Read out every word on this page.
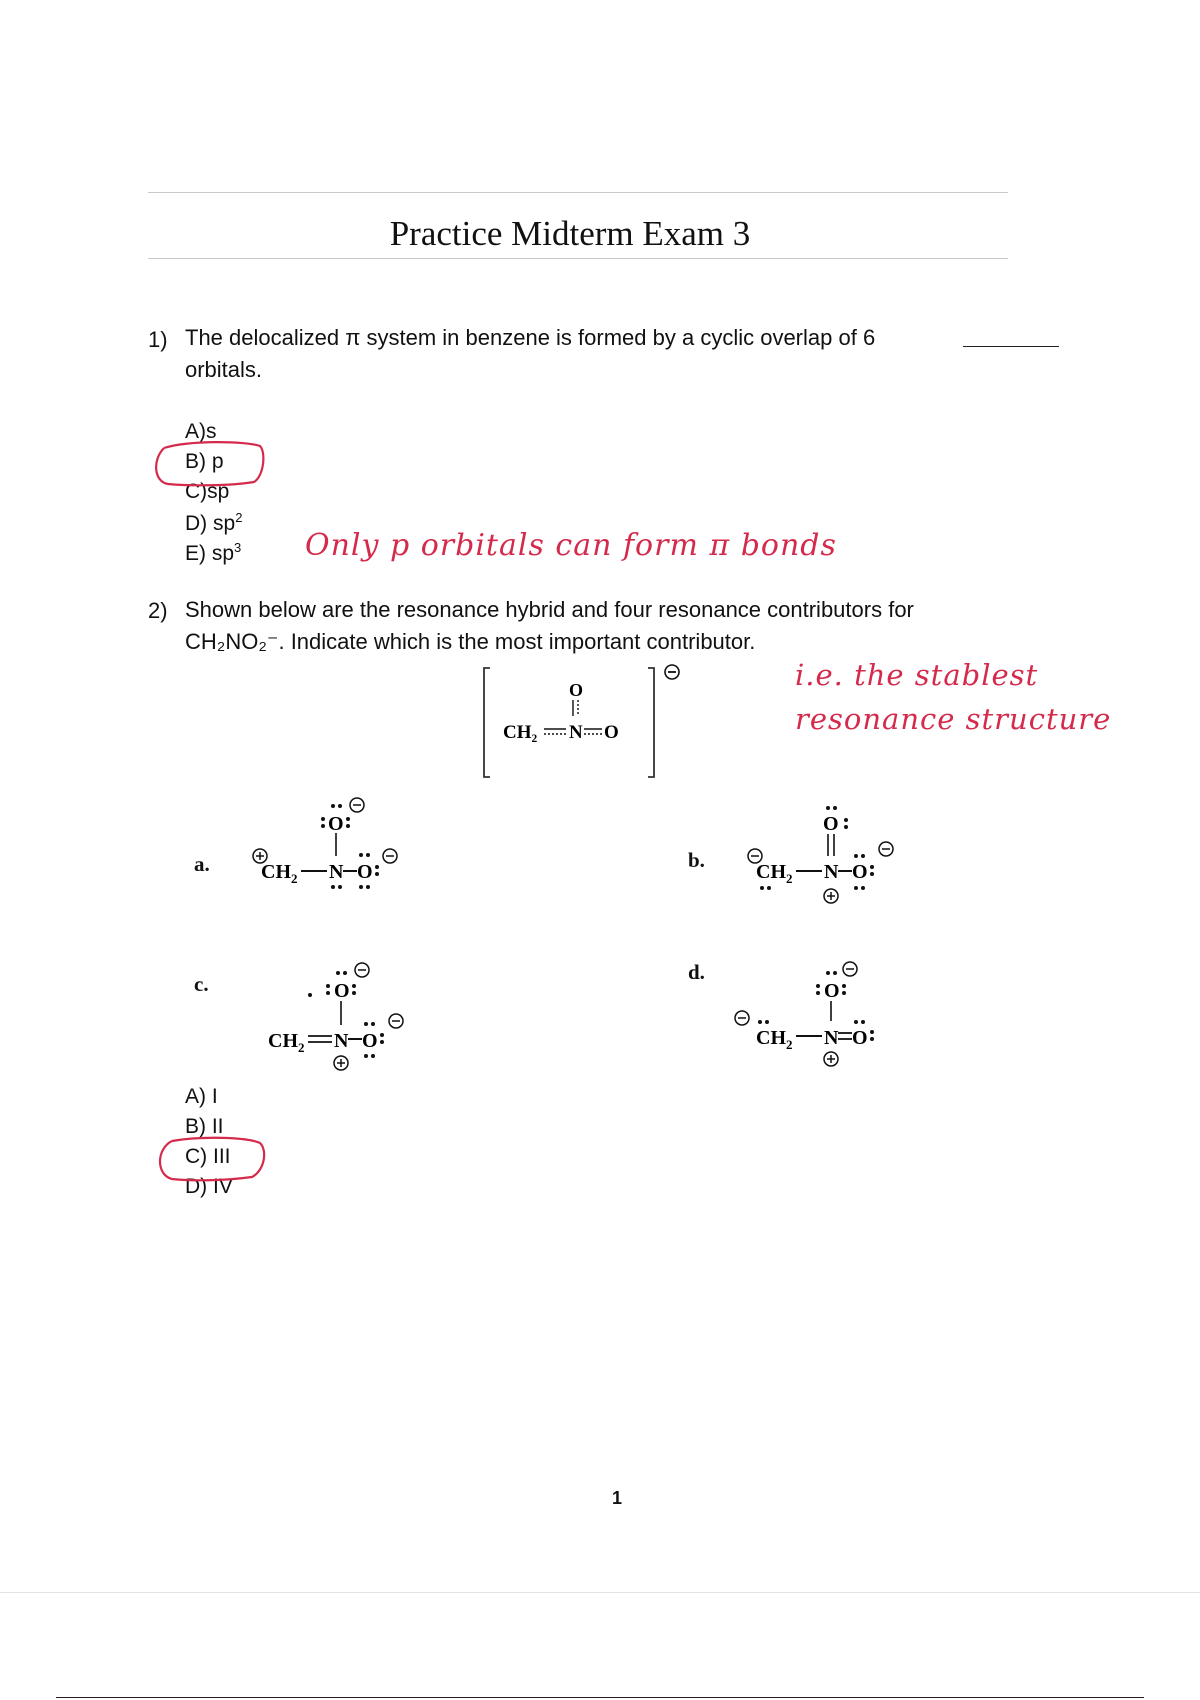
Practice Midterm Exam 3
1) The delocalized π system in benzene is formed by a cyclic overlap of 6
orbitals.
A)s
B) p
C)sp
D) $sp^2$
E) $sp^3$ Only p orbitals can form π bonds
2) Shown below are the resonance hybrid and four resonance contributors for
CH₂NO₂⁻. Indicate which is the most important contributor.
i.e. the stablest
resonance structure
O
CH₂ N O
a.	CH 2 N O
O
b.	CH 2 N O
O
c.
CH 2 N O
O
d.
CH 2 N O
O
A) I
B) II
C) III
D) IV
1
